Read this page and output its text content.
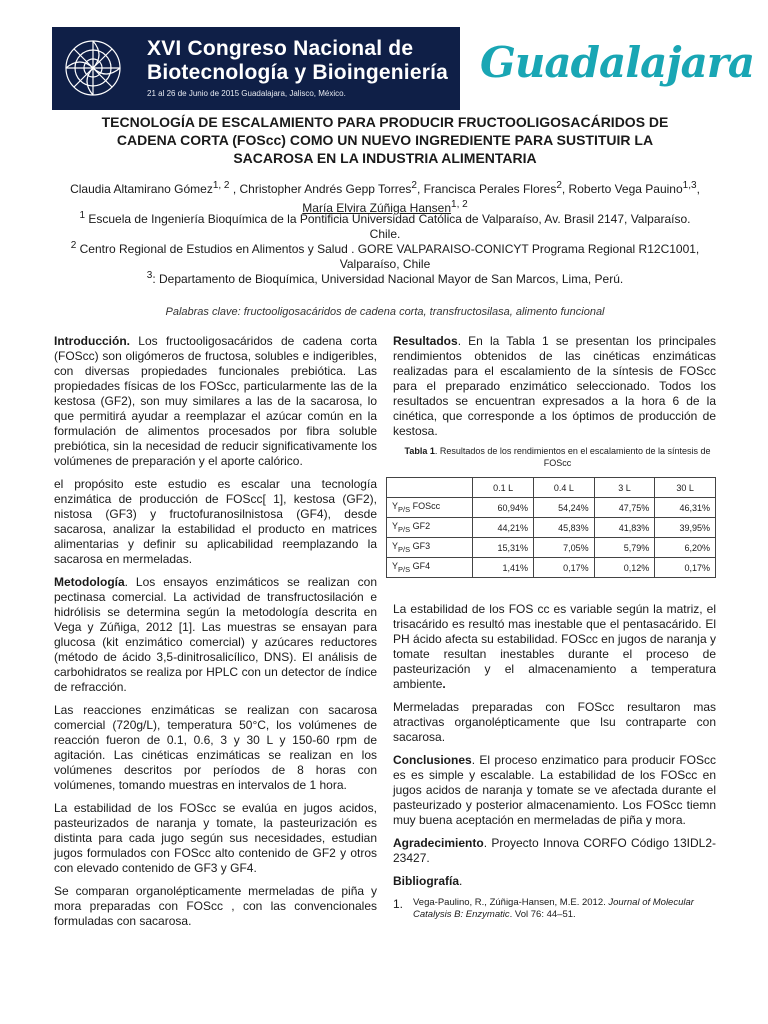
XVI Congreso Nacional de
Biotecnología y Bioingeniería
21 al 26 de Junio de 2015 Guadalajara, Jalisco, México.
Guadalajara
TECNOLOGÍA DE ESCALAMIENTO PARA PRODUCIR FRUCTOOLIGOSACÁRIDOS DE
CADENA CORTA (FOScc) COMO UN NUEVO INGREDIENTE PARA SUSTITUIR LA
SACAROSA EN LA INDUSTRIA ALIMENTARIA
Claudia Altamirano Gómez$^{1, 2}$ , Christopher Andrés Gepp Torres$^2$, Francisca Perales Flores$^2$, Roberto Vega Pauino$^{1,3}$,
María Elvira Zúñiga Hansen$^{1, 2}$
$^1$ Escuela de Ingeniería Bioquímica de la Pontificia Universidad Católica de Valparaíso, Av. Brasil 2147, Valparaíso.
Chile.
$^2$ Centro Regional de Estudios en Alimentos y Salud . GORE VALPARAISO-CONICYT Programa Regional R12C1001,
Valparaíso, Chile
$^3$: Departamento de Bioquímica, Universidad Nacional Mayor de San Marcos, Lima, Perú.
Palabras clave: fructooligosacáridos de cadena corta, transfructosilasa, alimento funcional

Introducción. Los fructooligosacáridos de cadena corta (FOScc) son oligómeros de fructosa, solubles e indigeribles, con diversas propiedades funcionales prebiótica. Las propiedades físicas de los FOScc, particularmente las de la kestosa (GF2), son muy similares a las de la sacarosa, lo que permitirá ayudar a reemplazar el azúcar común en la formulación de alimentos procesados por fibra soluble prebiótica, sin la necesidad de reducir significativamente los volúmenes de preparación y el aporte calórico.

el propósito este estudio es escalar una tecnología enzimática de producción de FOScc[ 1], kestosa (GF2), nistosa (GF3) y fructofuranosilnistosa (GF4), desde sacarosa, analizar la estabilidad el producto en matrices alimentarias y definir su aplicabilidad reemplazando la sacarosa en mermeladas.

Metodología. Los ensayos enzimáticos se realizan con pectinasa comercial. La actividad de transfructosilación e hidrólisis se determina según la metodología descrita en Vega y Zúñiga, 2012 [1]. Las muestras se ensayan para glucosa (kit enzimático comercial) y azúcares reductores (método de ácido 3,5-dinitrosalicílico, DNS). El análisis de carbohidratos se realiza por HPLC con un detector de índice de refracción.

Las reacciones enzimáticas se realizan con sacarosa comercial (720g/L), temperatura 50°C, los volúmenes de reacción fueron de 0.1, 0.6, 3 y 30 L y 150-60 rpm de agitación. Las cinéticas enzimáticas se realizan en los volúmenes descritos por períodos de 8 horas con volúmenes, tomando muestras en intervalos de 1 hora.

La estabilidad de los FOScc se evalúa en jugos acidos, pasteurizados de naranja y tomate, la pasteurización es distinta para cada jugo según sus necesidades, estudian jugos formulados con FOScc alto contenido de GF2 y otros con elevado contenido de GF3 y GF4.

Se comparan organolépticamente mermeladas de piña y mora preparadas con FOScc , con las convencionales formuladas con sacarosa.

Resultados. En la Tabla 1 se presentan los principales rendimientos obtenidos de las cinéticas enzimáticas realizadas para el escalamiento de la síntesis de FOScc para el preparado enzimático seleccionado. Todos los resultados se encuentran expresados a la hora 6 de la cinética, que corresponde a los óptimos de producción de kestosa.

Tabla 1. Resultados de los rendimientos en el escalamiento de la síntesis de FOScc
	0.1 L	0.4 L	3 L	30 L
$Y_{P/S}$ FOScc	60,94%	54,24%	47,75%	46,31%
$Y_{P/S}$ GF2	44,21%	45,83%	41,83%	39,95%
$Y_{P/S}$ GF3	15,31%	7,05%	5,79%	6,20%
$Y_{P/S}$ GF4	1,41%	0,17%	0,12%	0,17%

La estabilidad de los FOS cc es variable según la matriz, el trisacárido es resultó mas inestable que el pentasacárido. El PH ácido afecta su estabilidad. FOScc en jugos de naranja y tomate resultan inestables durante el proceso de pasteurización y el almacenamiento a temperatura ambiente.

Mermeladas preparadas con FOScc resultaron mas atractivas organolépticamente que lsu contraparte con sacarosa.

Conclusiones. El proceso enzimatico para producir FOScc es es simple y escalable. La estabilidad de los FOScc en jugos acidos de naranja y tomate se ve afectada durante el pasteurizado y posterior almacenamiento. Los FOScc tiemn muy buena aceptación en mermeladas de piña y mora.

Agradecimiento. Proyecto Innova CORFO Código 13IDL2-23427.

Bibliografía.

1. Vega-Paulino, R., Zúñiga-Hansen, M.E. 2012. Journal of Molecular Catalysis B: Enzymatic. Vol 76: 44–51.
